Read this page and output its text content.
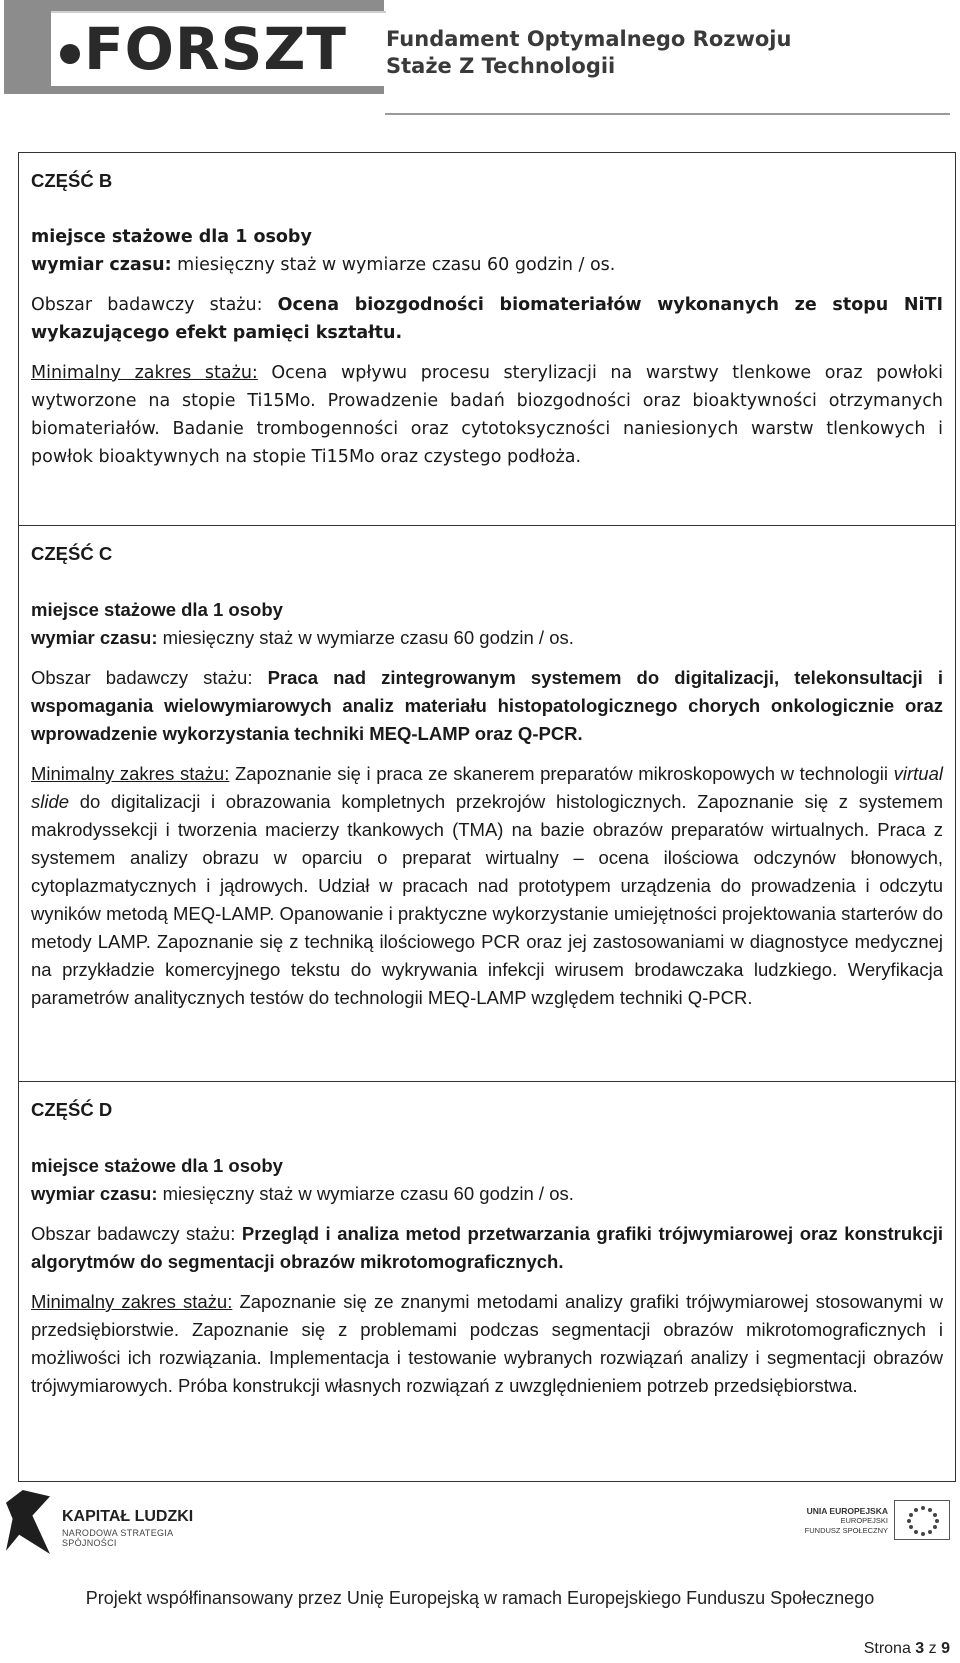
FORSZT Fundament Optymalnego Rozwoju
Staże Z Technologii

CZĘŚĆ B

miejsce stażowe dla 1 osoby

wymiar czasu: miesięczny staż w wymiarze czasu 60 godzin / os.

Obszar badawczy stażu: Ocena biozgodności biomateriałów wykonanych ze stopu NiTI wykazującego efekt pamięci kształtu.

Minimalny zakres stażu: Ocena wpływu procesu sterylizacji na warstwy tlenkowe oraz powłoki wytworzone na stopie Ti15Mo. Prowadzenie badań biozgodności oraz bioaktywności otrzymanych biomateriałów. Badanie trombogenności oraz cytotoksyczności naniesionych warstw tlenkowych i powłok bioaktywnych na stopie Ti15Mo oraz czystego podłoża.

CZĘŚĆ C

miejsce stażowe dla 1 osoby

wymiar czasu: miesięczny staż w wymiarze czasu 60 godzin / os.

Obszar badawczy stażu: Praca nad zintegrowanym systemem do digitalizacji, telekonsultacji i wspomagania wielowymiarowych analiz materiału histopatologicznego chorych onkologicznie oraz wprowadzenie wykorzystania techniki MEQ-LAMP oraz Q-PCR.

Minimalny zakres stażu: Zapoznanie się i praca ze skanerem preparatów mikroskopowych w technologii virtual slide do digitalizacji i obrazowania kompletnych przekrojów histologicznych. Zapoznanie się z systemem makrodyssekcji i tworzenia macierzy tkankowych (TMA) na bazie obrazów preparatów wirtualnych. Praca z systemem analizy obrazu w oparciu o preparat wirtualny – ocena ilościowa odczynów błonowych, cytoplazmatycznych i jądrowych. Udział w pracach nad prototypem urządzenia do prowadzenia i odczytu wyników metodą MEQ-LAMP. Opanowanie i praktyczne wykorzystanie umiejętności projektowania starterów do metody LAMP. Zapoznanie się z techniką ilościowego PCR oraz jej zastosowaniami w diagnostyce medycznej na przykładzie komercyjnego tekstu do wykrywania infekcji wirusem brodawczaka ludzkiego. Weryfikacja parametrów analitycznych testów do technologii MEQ-LAMP względem techniki Q-PCR.

CZĘŚĆ D

miejsce stażowe dla 1 osoby

wymiar czasu: miesięczny staż w wymiarze czasu 60 godzin / os.

Obszar badawczy stażu: Przegląd i analiza metod przetwarzania grafiki trójwymiarowej oraz konstrukcji algorytmów do segmentacji obrazów mikrotomograficznych.

Minimalny zakres stażu: Zapoznanie się ze znanymi metodami analizy grafiki trójwymiarowej stosowanymi w przedsiębiorstwie. Zapoznanie się z problemami podczas segmentacji obrazów mikrotomograficznych i możliwości ich rozwiązania. Implementacja i testowanie wybranych rozwiązań analizy i segmentacji obrazów trójwymiarowych. Próba konstrukcji własnych rozwiązań z uwzględnieniem potrzeb przedsiębiorstwa.

KAPITAŁ LUDZKI
NARODOWA STRATEGIA SPÓJNOŚCI
UNIA EUROPEJSKA
EUROPEJSKI
FUNDUSZ SPOŁECZNY
Projekt współfinansowany przez Unię Europejską w ramach Europejskiego Funduszu Społecznego
Strona 3 z 9
